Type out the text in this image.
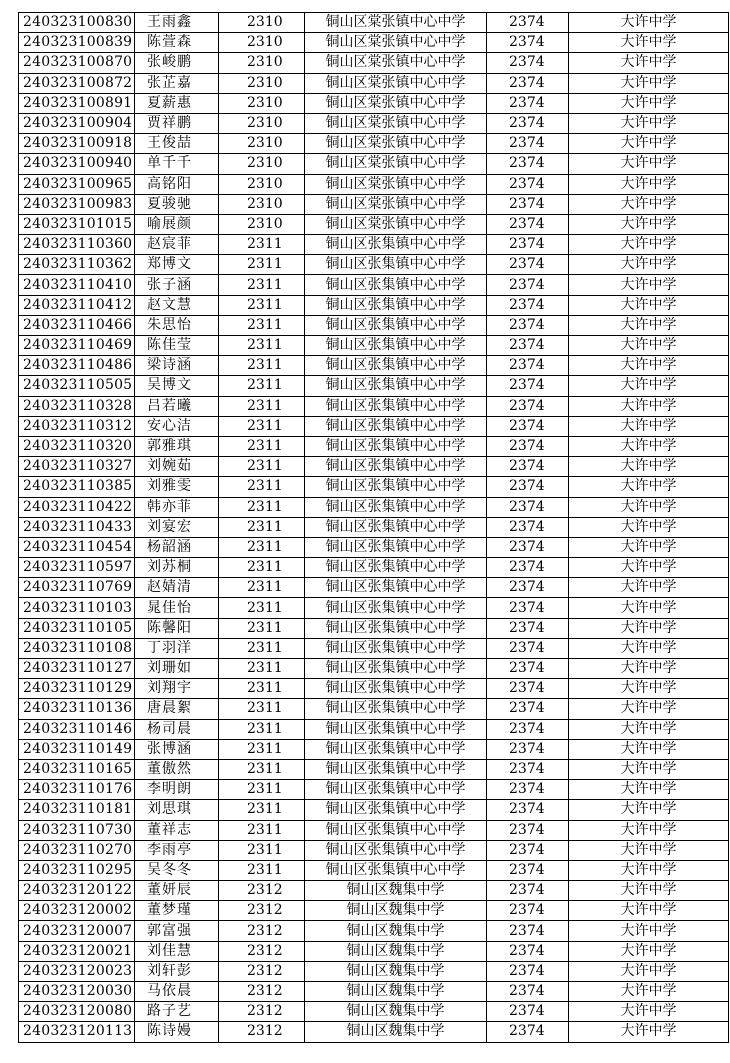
240323100830	王雨鑫	2310	铜山区棠张镇中心中学	2374	大许中学
240323100839	陈萱森	2310	铜山区棠张镇中心中学	2374	大许中学
240323100870	张峻鹏	2310	铜山区棠张镇中心中学	2374	大许中学
240323100872	张芷嘉	2310	铜山区棠张镇中心中学	2374	大许中学
240323100891	夏薪惠	2310	铜山区棠张镇中心中学	2374	大许中学
240323100904	贾祥鹏	2310	铜山区棠张镇中心中学	2374	大许中学
240323100918	王俊喆	2310	铜山区棠张镇中心中学	2374	大许中学
240323100940	单千千	2310	铜山区棠张镇中心中学	2374	大许中学
240323100965	高铭阳	2310	铜山区棠张镇中心中学	2374	大许中学
240323100983	夏骏驰	2310	铜山区棠张镇中心中学	2374	大许中学
240323101015	喻展颜	2310	铜山区棠张镇中心中学	2374	大许中学
240323110360	赵宸菲	2311	铜山区张集镇中心中学	2374	大许中学
240323110362	郑博文	2311	铜山区张集镇中心中学	2374	大许中学
240323110410	张子涵	2311	铜山区张集镇中心中学	2374	大许中学
240323110412	赵文慧	2311	铜山区张集镇中心中学	2374	大许中学
240323110466	朱思怡	2311	铜山区张集镇中心中学	2374	大许中学
240323110469	陈佳莹	2311	铜山区张集镇中心中学	2374	大许中学
240323110486	梁诗涵	2311	铜山区张集镇中心中学	2374	大许中学
240323110505	吴博文	2311	铜山区张集镇中心中学	2374	大许中学
240323110328	吕若曦	2311	铜山区张集镇中心中学	2374	大许中学
240323110312	安心洁	2311	铜山区张集镇中心中学	2374	大许中学
240323110320	郭雅琪	2311	铜山区张集镇中心中学	2374	大许中学
240323110327	刘婉茹	2311	铜山区张集镇中心中学	2374	大许中学
240323110385	刘雅雯	2311	铜山区张集镇中心中学	2374	大许中学
240323110422	韩亦菲	2311	铜山区张集镇中心中学	2374	大许中学
240323110433	刘宴宏	2311	铜山区张集镇中心中学	2374	大许中学
240323110454	杨韶涵	2311	铜山区张集镇中心中学	2374	大许中学
240323110597	刘苏桐	2311	铜山区张集镇中心中学	2374	大许中学
240323110769	赵婧清	2311	铜山区张集镇中心中学	2374	大许中学
240323110103	晁佳怡	2311	铜山区张集镇中心中学	2374	大许中学
240323110105	陈馨阳	2311	铜山区张集镇中心中学	2374	大许中学
240323110108	丁羽洋	2311	铜山区张集镇中心中学	2374	大许中学
240323110127	刘珊如	2311	铜山区张集镇中心中学	2374	大许中学
240323110129	刘翔宇	2311	铜山区张集镇中心中学	2374	大许中学
240323110136	唐晨絮	2311	铜山区张集镇中心中学	2374	大许中学
240323110146	杨司晨	2311	铜山区张集镇中心中学	2374	大许中学
240323110149	张博涵	2311	铜山区张集镇中心中学	2374	大许中学
240323110165	董傲然	2311	铜山区张集镇中心中学	2374	大许中学
240323110176	李明朗	2311	铜山区张集镇中心中学	2374	大许中学
240323110181	刘思琪	2311	铜山区张集镇中心中学	2374	大许中学
240323110730	董祥志	2311	铜山区张集镇中心中学	2374	大许中学
240323110270	李雨亭	2311	铜山区张集镇中心中学	2374	大许中学
240323110295	吴冬冬	2311	铜山区张集镇中心中学	2374	大许中学
240323120122	董妍辰	2312	铜山区魏集中学	2374	大许中学
240323120002	董梦瑾	2312	铜山区魏集中学	2374	大许中学
240323120007	郭富强	2312	铜山区魏集中学	2374	大许中学
240323120021	刘佳慧	2312	铜山区魏集中学	2374	大许中学
240323120023	刘轩彭	2312	铜山区魏集中学	2374	大许中学
240323120030	马依晨	2312	铜山区魏集中学	2374	大许中学
240323120080	路子艺	2312	铜山区魏集中学	2374	大许中学
240323120113	陈诗嫚	2312	铜山区魏集中学	2374	大许中学
